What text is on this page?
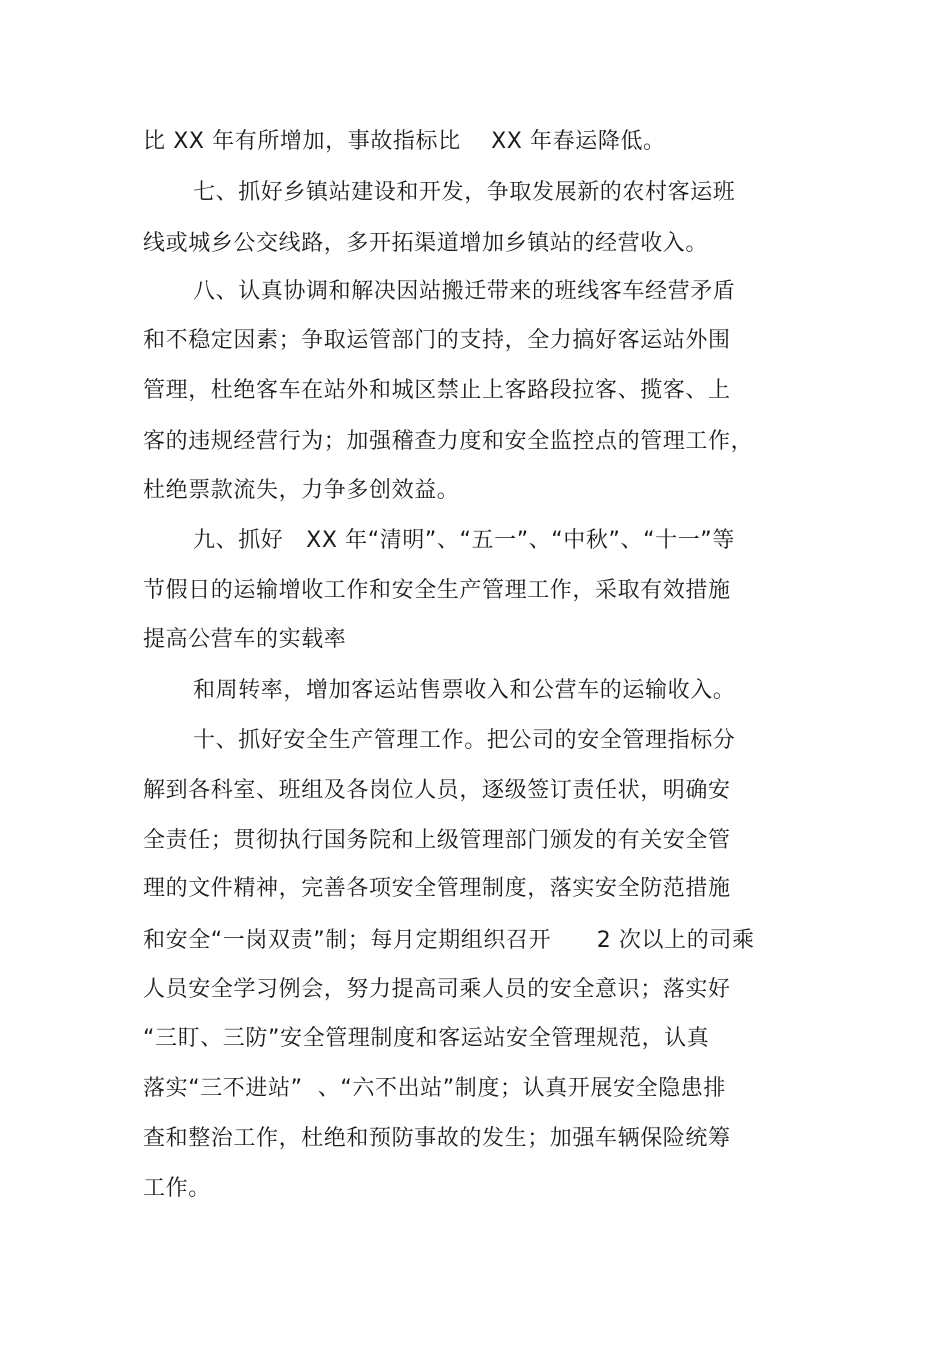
比 XX 年有所增加，事故指标比    XX 年春运降低。
七、抓好乡镇站建设和开发，争取发展新的农村客运班
线或城乡公交线路，多开拓渠道增加乡镇站的经营收入。
八、认真协调和解决因站搬迁带来的班线客车经营矛盾
和不稳定因素；争取运管部门的支持，全力搞好客运站外围
管理，杜绝客车在站外和城区禁止上客路段拉客、揽客、上
客的违规经营行为；加强稽查力度和安全监控点的管理工作，
杜绝票款流失，力争多创效益。
九、抓好   XX 年“清明”、“五一”、“中秋”、“十一”等
节假日的运输增收工作和安全生产管理工作，采取有效措施
提高公营车的实载率
和周转率，增加客运站售票收入和公营车的运输收入。
十、抓好安全生产管理工作。把公司的安全管理指标分
解到各科室、班组及各岗位人员，逐级签订责任状，明确安
全责任；贯彻执行国务院和上级管理部门颁发的有关安全管
理的文件精神，完善各项安全管理制度，落实安全防范措施
和安全“一岗双责”制；每月定期组织召开      2 次以上的司乘
人员安全学习例会，努力提高司乘人员的安全意识；落实好
“三盯、三防”安全管理制度和客运站安全管理规范，认真
落实“三不进站”  、“六不出站”制度；认真开展安全隐患排
查和整治工作，杜绝和预防事故的发生；加强车辆保险统筹
工作。
